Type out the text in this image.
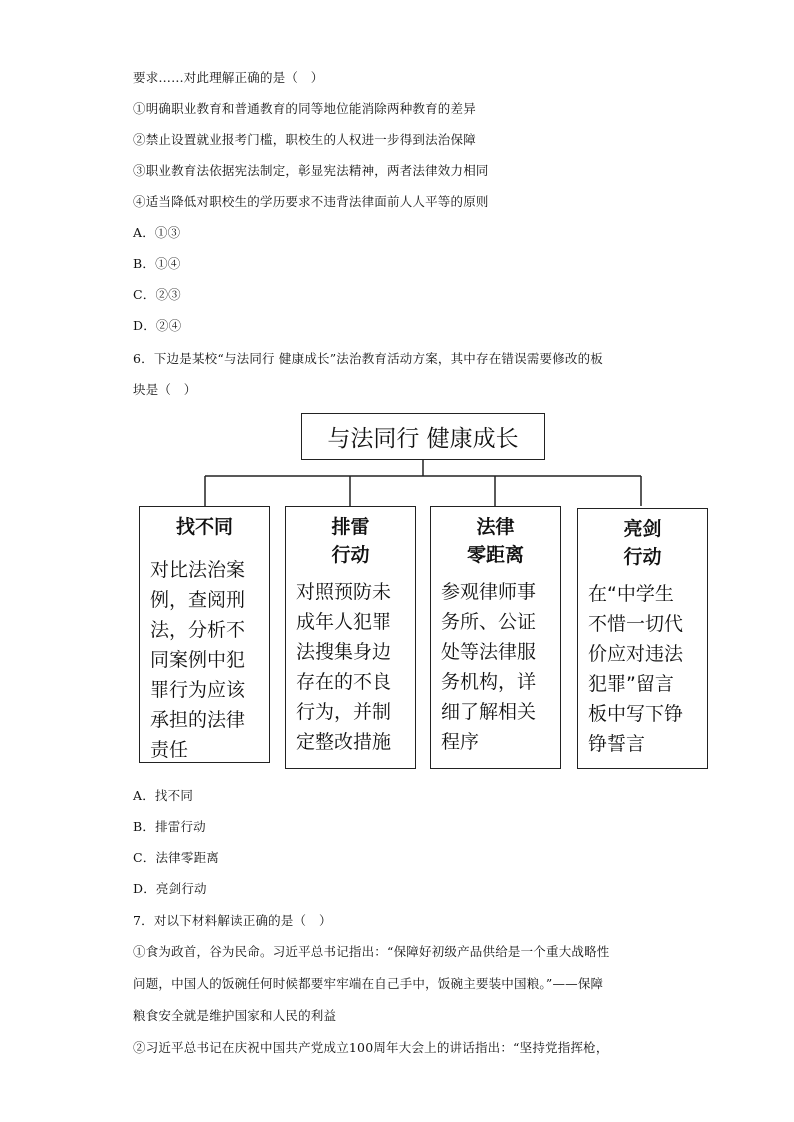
要求……对此理解正确的是（　）
①明确职业教育和普通教育的同等地位能消除两种教育的差异
②禁止设置就业报考门槛，职校生的人权进一步得到法治保障
③职业教育法依据宪法制定，彰显宪法精神，两者法律效力相同
④适当降低对职校生的学历要求不违背法律面前人人平等的原则
A．①③
B．①④
C．②③
D．②④
6．下边是某校“与法同行 健康成长”法治教育活动方案，其中存在错误需要修改的板
块是（　）
与法同行 健康成长
找不同
对比法治案
例，查阅刑
法，分析不
同案例中犯
罪行为应该
承担的法律
责任
排雷
行动
对照预防未
成年人犯罪
法搜集身边
存在的不良
行为，并制
定整改措施
法律
零距离
参观律师事
务所、公证
处等法律服
务机构，详
细了解相关
程序
亮剑
行动
在“中学生
不惜一切代
价应对违法
犯罪”留言
板中写下铮
铮誓言
A．找不同
B．排雷行动
C．法律零距离
D．亮剑行动
7．对以下材料解读正确的是（　）
①食为政首，谷为民命。习近平总书记指出：“保障好初级产品供给是一个重大战略性
问题，中国人的饭碗任何时候都要牢牢端在自己手中，饭碗主要装中国粮。”——保障
粮食安全就是维护国家和人民的利益
②习近平总书记在庆祝中国共产党成立100周年大会上的讲话指出：“坚持党指挥枪，
